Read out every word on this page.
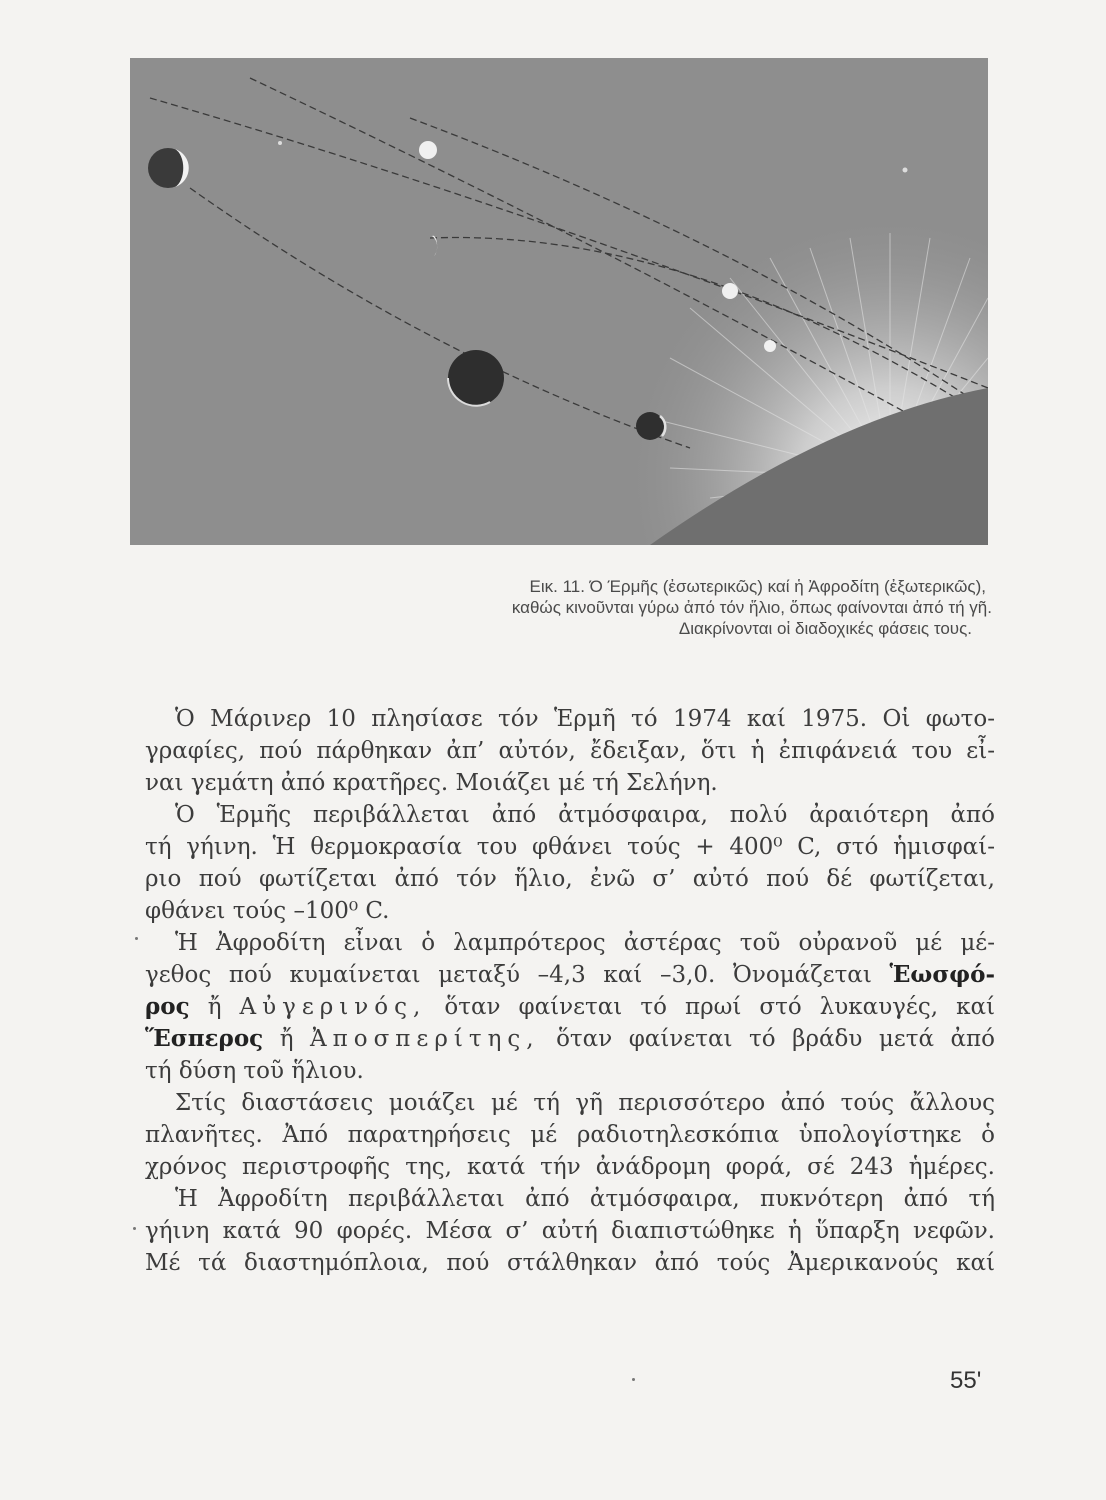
Εικ. 11. Ό Έρμῆς (ἐσωτερικῶς) καί ἡ Ἀφροδίτη (ἐξωτερικῶς),
καθώς κινοῦνται γύρω ἀπό τόν ἥλιο, ὅπως φαίνονται ἀπό τή γῆ.
Διακρίνονται οἱ διαδοχικές φάσεις τους.
Ὁ Μάρινερ 10 πλησίασε τόν Ἑρμῆ τό 1974 καί 1975. Οἱ φωτο-
γραφίες, πού πάρθηκαν ἀπ’ αὐτόν, ἔδειξαν, ὅτι ἡ ἐπιφάνειά του εἶ-
ναι γεμάτη ἀπό κρατῆρες. Μοιάζει μέ τή Σελήνη.
Ὁ Ἑρμῆς περιβάλλεται ἀπό ἀτμόσφαιρα, πολύ ἀραιότερη ἀπό
τή γήινη. Ἡ θερμοκρασία του φθάνει τούς + 400⁰ C, στό ἡμισφαί-
ριο πού φωτίζεται ἀπό τόν ἥλιο, ἐνῶ σ’ αὐτό πού δέ φωτίζεται,
φθάνει τούς –100⁰ C.
Ἡ Ἀφροδίτη εἶναι ὁ λαμπρότερος ἀστέρας τοῦ οὐρανοῦ μέ μέ-
γεθος πού κυμαίνεται μεταξύ –4,3 καί –3,0. Ὀνομάζεται Ἑωσφό-
ρος ἤ Αὐγερινός, ὅταν φαίνεται τό πρωί στό λυκαυγές, καί
Ἕσπερος ἤ Ἀποσπερίτης, ὅταν φαίνεται τό βράδυ μετά ἀπό
τή δύση τοῦ ἥλιου.
Στίς διαστάσεις μοιάζει μέ τή γῆ περισσότερο ἀπό τούς ἄλλους
πλανῆτες. Ἀπό παρατηρήσεις μέ ραδιοτηλεσκόπια ὑπολογίστηκε ὁ
χρόνος περιστροφῆς της, κατά τήν ἀνάδρομη φορά, σέ 243 ἡμέρες.
Ἡ Ἀφροδίτη περιβάλλεται ἀπό ἀτμόσφαιρα, πυκνότερη ἀπό τή
γήινη κατά 90 φορές. Μέσα σ’ αὐτή διαπιστώθηκε ἡ ὕπαρξη νεφῶν.
Μέ τά διαστημόπλοια, πού στάλθηκαν ἀπό τούς Ἀμερικανούς καί
55'
